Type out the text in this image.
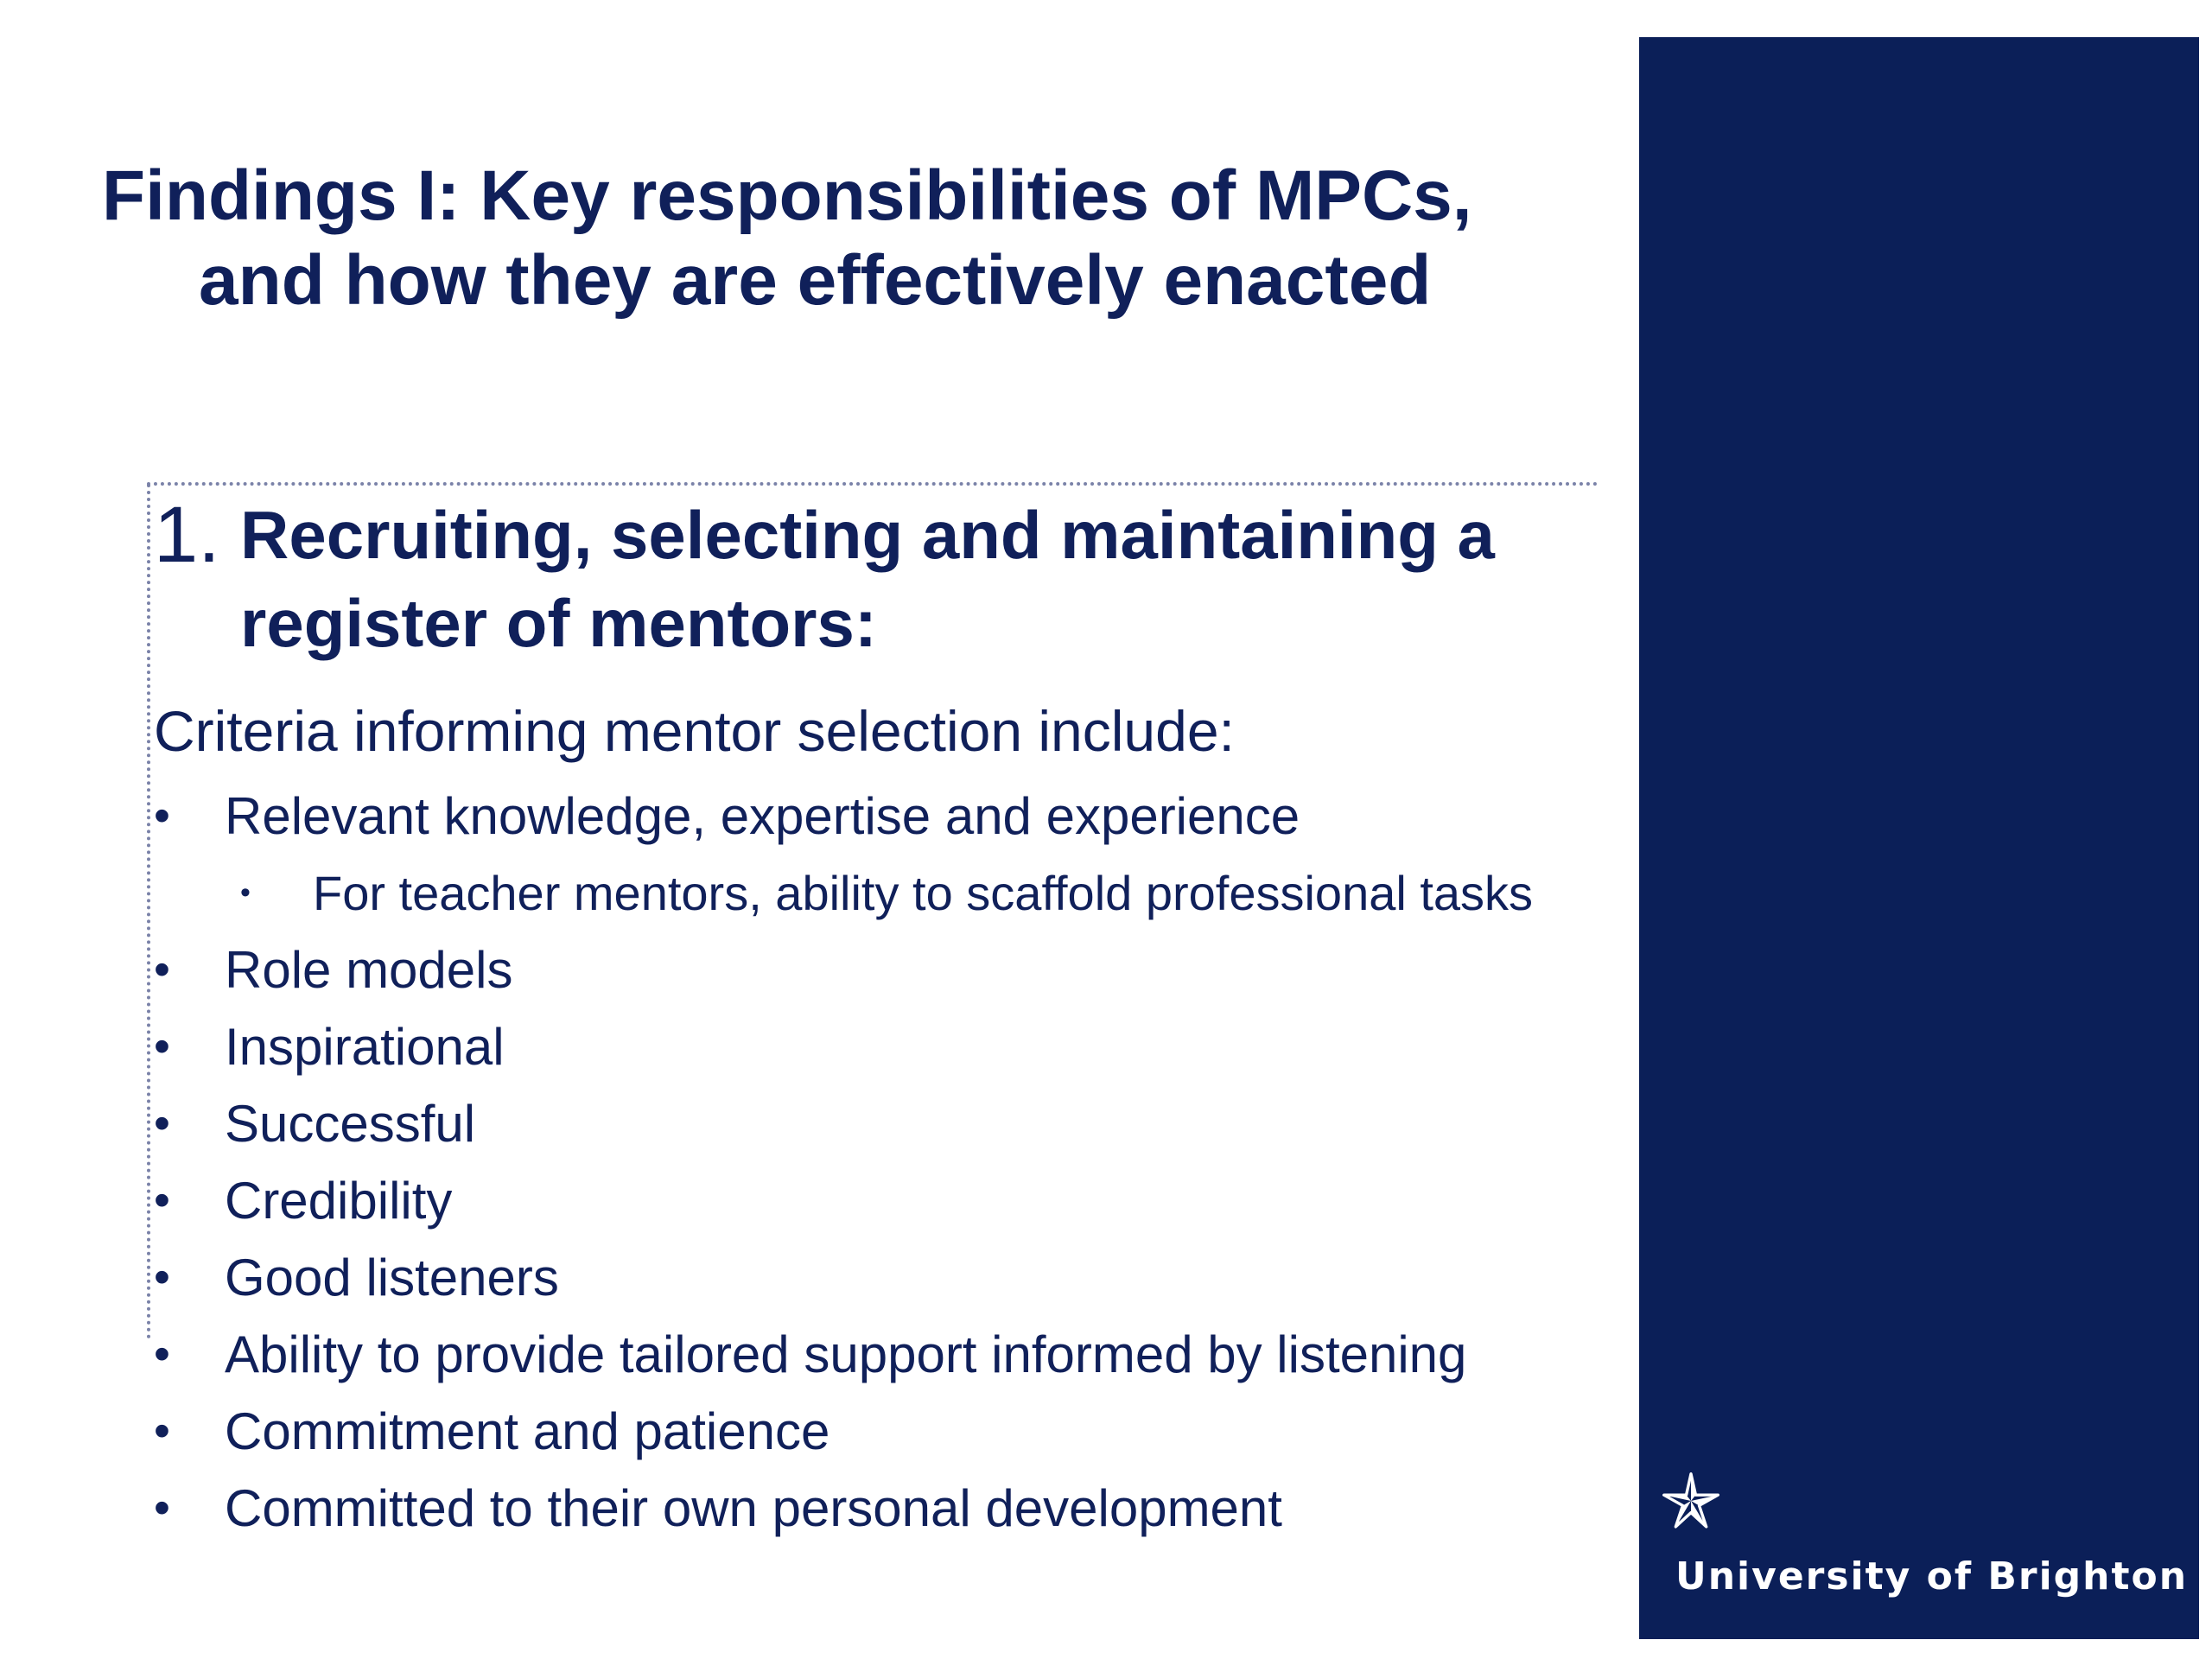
Findings I: Key responsibilities of MPCs,
and how they are effectively enacted
1. Recruiting, selecting and maintaining a register of mentors:
Criteria informing mentor selection include:
•	Relevant knowledge, expertise and experience
•	For teacher mentors, ability to scaffold professional tasks
•	Role models
•	Inspirational
•	Successful
•	Credibility
•	Good listeners
•	Ability to provide tailored support informed by listening
•	Commitment and patience
•	Committed to their own personal development
University of Brighton
